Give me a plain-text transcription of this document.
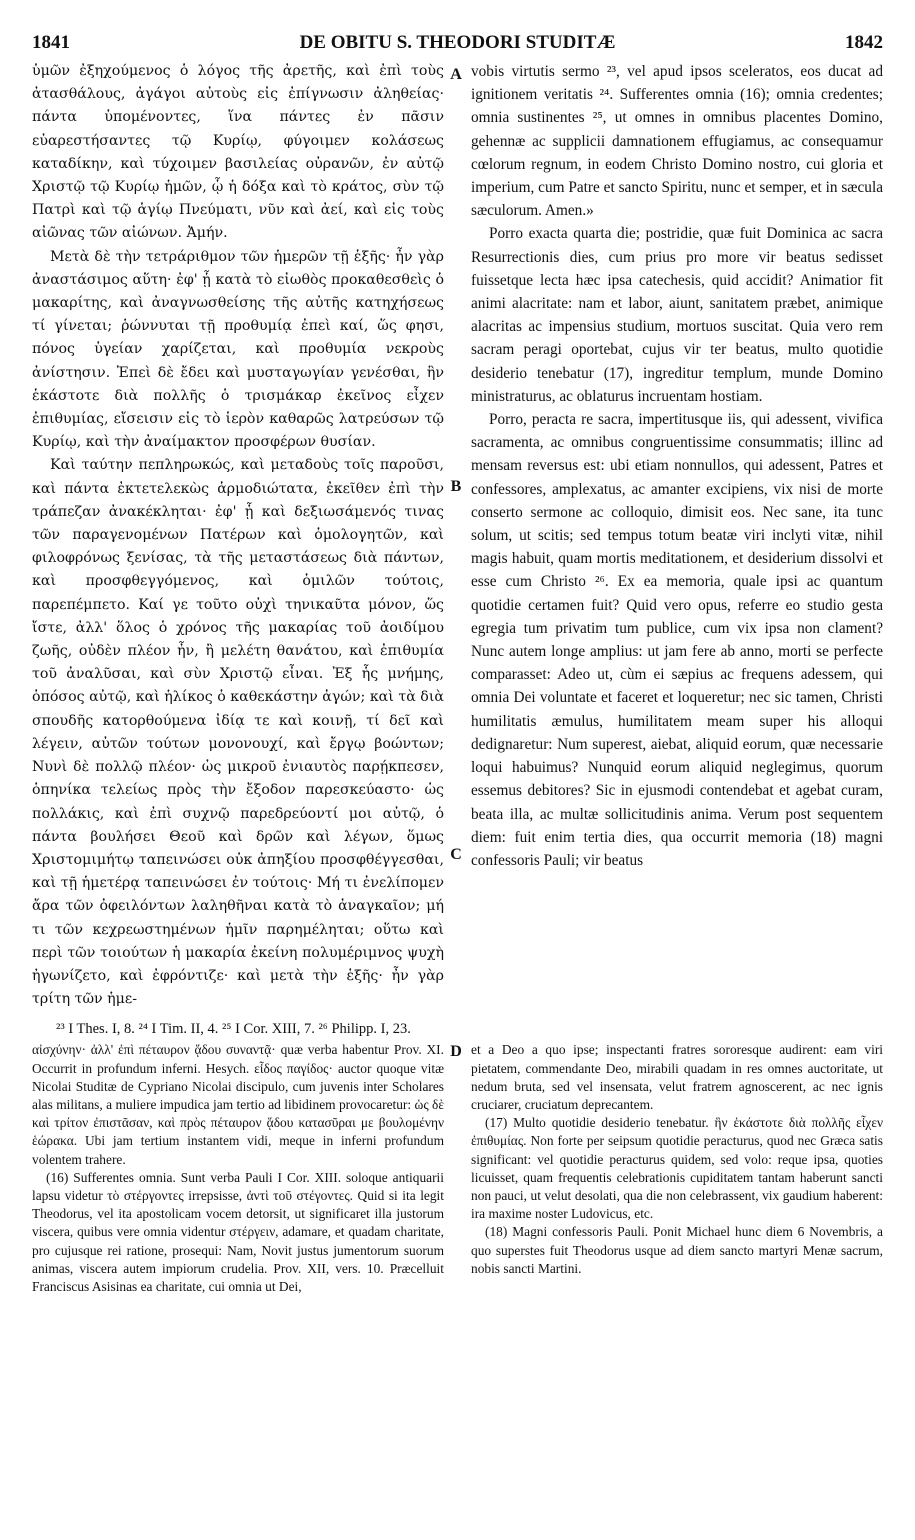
1841	DE OBITU S. THEODORI STUDITÆ	1842

ὑμῶν ἐξηχούμενος ὁ λόγος τῆς ἀρετῆς, καὶ ἐπὶ τοὺς ἀτασθάλους, ἀγάγοι αὐτοὺς εἰς ἐπίγνωσιν ἀληθείας· πάντα ὑπομένοντες, ἵνα πάντες ἐν πᾶσιν εὐαρεστήσαντες τῷ Κυρίῳ, φύγοιμεν κολάσεως καταδίκην, καὶ τύχοιμεν βασιλείας οὐρανῶν, ἐν αὐτῷ Χριστῷ τῷ Κυρίῳ ἡμῶν, ᾧ ἡ δόξα καὶ τὸ κράτος, σὺν τῷ Πατρὶ καὶ τῷ ἁγίῳ Πνεύματι, νῦν καὶ ἀεί, καὶ εἰς τοὺς αἰῶνας τῶν αἰώνων. Ἀμήν.

Μετὰ δὲ τὴν τετράριθμον τῶν ἡμερῶν τῇ ἑξῆς· ἦν γὰρ ἀναστάσιμος αὕτη· ἐφ' ᾗ κατὰ τὸ εἰωθὸς προκαθεσθεὶς ὁ μακαρίτης, καὶ ἀναγνωσθείσης τῆς αὐτῆς κατηχήσεως τί γίνεται; ῥώννυται τῇ προθυμίᾳ ἐπεὶ καί, ὥς φησι, πόνος ὑγείαν χαρίζεται, καὶ προθυμία νεκροὺς ἀνίστησιν. Ἐπεὶ δὲ ἔδει καὶ μυσταγωγίαν γενέσθαι, ἣν ἑκάστοτε διὰ πολλῆς ὁ τρισμάκαρ ἐκεῖνος εἶχεν ἐπιθυμίας, εἴσεισιν εἰς τὸ ἱερὸν καθαρῶς λατρεύσων τῷ Κυρίῳ, καὶ τὴν ἀναίμακτον προσφέρων θυσίαν.

Καὶ ταύτην πεπληρωκώς, καὶ μεταδοὺς τοῖς παροῦσι, καὶ πάντα ἐκτετελεκὼς ἁρμοδιώτατα, ἐκεῖθεν ἐπὶ τὴν τράπεζαν ἀνακέκληται· ἐφ' ᾗ καὶ δεξιωσάμενός τινας τῶν παραγενομένων Πατέρων καὶ ὁμολογητῶν, καὶ φιλοφρόνως ξενίσας, τὰ τῆς μεταστάσεως διὰ πάντων, καὶ προσφθεγγόμενος, καὶ ὁμιλῶν τούτοις, παρεπέμπετο. Καί γε τοῦτο οὐχὶ τηνικαῦτα μόνον, ὥς ἴστε, ἀλλ' ὅλος ὁ χρόνος τῆς μακαρίας τοῦ ἀοιδίμου ζωῆς, οὐδὲν πλέον ἦν, ἢ μελέτη θανάτου, καὶ ἐπιθυμία τοῦ ἀναλῦσαι, καὶ σὺν Χριστῷ εἶναι. Ἐξ ἧς μνήμης, ὁπόσος αὐτῷ, καὶ ἡλίκος ὁ καθεκάστην ἀγών; καὶ τὰ διὰ σπουδῆς κατορθούμενα ἰδίᾳ τε καὶ κοινῇ, τί δεῖ καὶ λέγειν, αὐτῶν τούτων μονονουχί, καὶ ἔργῳ βοώντων; Νυνὶ δὲ πολλῷ πλέον· ὡς μικροῦ ἐνιαυτὸς παρῄκπεσεν, ὁπηνίκα τελείως πρὸς τὴν ἔξοδον παρεσκεύαστο· ὡς πολλάκις, καὶ ἐπὶ συχνῷ παρεδρεύοντί μοι αὐτῷ, ὁ πάντα βουλήσει Θεοῦ καὶ δρῶν καὶ λέγων, ὅμως Χριστομιμήτῳ ταπεινώσει οὐκ ἀπηξίου προσφθέγγεσθαι, καὶ τῇ ἡμετέρᾳ ταπεινώσει ἐν τούτοις· Μή τι ἐνελίπομεν ἄρα τῶν ὀφειλόντων λαληθῆναι κατὰ τὸ ἀναγκαῖον; μή τι τῶν κεχρεωστημένων ἡμῖν παρημέληται; οὕτω καὶ περὶ τῶν τοιούτων ἡ μακαρία ἐκείνη πολυμέριμνος ψυχὴ ἠγωνίζετο, καὶ ἐφρόντιζε· καὶ μετὰ τὴν ἑξῆς· ἦν γὰρ τρίτη τῶν ἡμε-

A
B
C

vobis virtutis sermo ²³, vel apud ipsos sceleratos, eos ducat ad ignitionem veritatis ²⁴. Sufferentes omnia (16); omnia credentes; omnia sustinentes ²⁵, ut omnes in omnibus placentes Domino, gehennæ ac supplicii damnationem effugiamus, ac consequamur cœlorum regnum, in eodem Christo Domino nostro, cui gloria et imperium, cum Patre et sancto Spiritu, nunc et semper, et in sæcula sæculorum. Amen.»

Porro exacta quarta die; postridie, quæ fuit Dominica ac sacra Resurrectionis dies, cum prius pro more vir beatus sedisset fuissetque lecta hæc ipsa catechesis, quid accidit? Animatior fit animi alacritate: nam et labor, aiunt, sanitatem præbet, animique alacritas ac impensius studium, mortuos suscitat. Quia vero rem sacram peragi oportebat, cujus vir ter beatus, multo quotidie desiderio tenebatur (17), ingreditur templum, munde Domino ministraturus, ac oblaturus incruentam hostiam.

Porro, peracta re sacra, impertitusque iis, qui adessent, vivifica sacramenta, ac omnibus congruentissime consummatis; illinc ad mensam reversus est: ubi etiam nonnullos, qui adessent, Patres et confessores, amplexatus, ac amanter excipiens, vix nisi de morte conserto sermone ac colloquio, dimisit eos. Nec sane, ita tunc solum, ut scitis; sed tempus totum beatæ viri inclyti vitæ, nihil magis habuit, quam mortis meditationem, et desiderium dissolvi et esse cum Christo ²⁶. Ex ea memoria, quale ipsi ac quantum quotidie certamen fuit? Quid vero opus, referre eo studio gesta egregia tum privatim tum publice, cum vix ipsa non clament? Nunc autem longe amplius: ut jam fere ab anno, morti se perfecte comparasset: Adeo ut, cùm ei sæpius ac frequens adessem, qui omnia Dei voluntate et faceret et loqueretur; nec sic tamen, Christi humilitatis æmulus, humilitatem meam super his alloqui dedignaretur: Num superest, aiebat, aliquid eorum, quæ necessarie loqui habuimus? Nunquid eorum aliquid neglegimus, quorum essemus debitores? Sic in ejusmodi contendebat et agebat curam, beata illa, ac multæ sollicitudinis anima. Verum post sequentem diem: fuit enim tertia dies, qua occurrit memoria (18) magni confessoris Pauli; vir beatus

²³ I Thes. I, 8. ²⁴ I Tim. II, 4. ²⁵ I Cor. XIII, 7. ²⁶ Philipp. I, 23.

αἰσχύνην· ἀλλ' ἐπὶ πέταυρον ᾅδου συναντᾷ· quæ verba habentur Prov. XI. Occurrit in profundum inferni. Hesych. εἶδος παγίδος· auctor quoque vitæ Nicolai Studitæ de Cypriano Nicolai discipulo, cum juvenis inter Scholares alas militans, a muliere impudica jam tertio ad libidinem provocaretur: ὡς δὲ καὶ τρίτον ἐπιστᾶσαν, καὶ πρὸς πέταυρον ᾅδου κατασῦραι με βουλομένην ἑώρακα. Ubi jam tertium instantem vidi, meque in inferni profundum volentem trahere.

(16) Sufferentes omnia. Sunt verba Pauli I Cor. XIII. soloque antiquarii lapsu videtur τὸ στέργοντες irrepsisse, ἀντὶ τοῦ στέγοντες. Quid si ita legit Theodorus, vel ita apostolicam vocem detorsit, ut significaret illa justorum viscera, quibus vere omnia videntur στέργειν, adamare, et quadam charitate, pro cujusque rei ratione, prosequi: Nam, Novit justus jumentorum suorum animas, viscera autem impiorum crudelia. Prov. XII, vers. 10. Præcelluit Franciscus Asisinas ea charitate, cui omnia ut Dei,

D et a Deo a quo ipse; inspectanti fratres sororesque audirent: eam viri pietatem, commendante Deo, mirabili quadam in res omnes auctoritate, ut nedum bruta, sed vel insensata, velut fratrem agnoscerent, ac nec ignis cruciarer, cruciatum deprecantem.

(17) Multo quotidie desiderio tenebatur. ἣν ἑκάστοτε διὰ πολλῆς εἶχεν ἐπιθυμίας. Non forte per seipsum quotidie peracturus, quod nec Græca satis significant: vel quotidie peracturus quidem, sed volo: reque ipsa, quoties licuisset, quam frequentis celebrationis cupiditatem tantam haberunt sancti non pauci, ut velut desolati, qua die non celebrassent, vix gaudium haberent: ira maxime noster Ludovicus, etc.

(18) Magni confessoris Pauli. Ponit Michael hunc diem 6 Novembris, a quo superstes fuit Theodorus usque ad diem sancto martyri Menæ sacrum, nobis sancti Martini.
